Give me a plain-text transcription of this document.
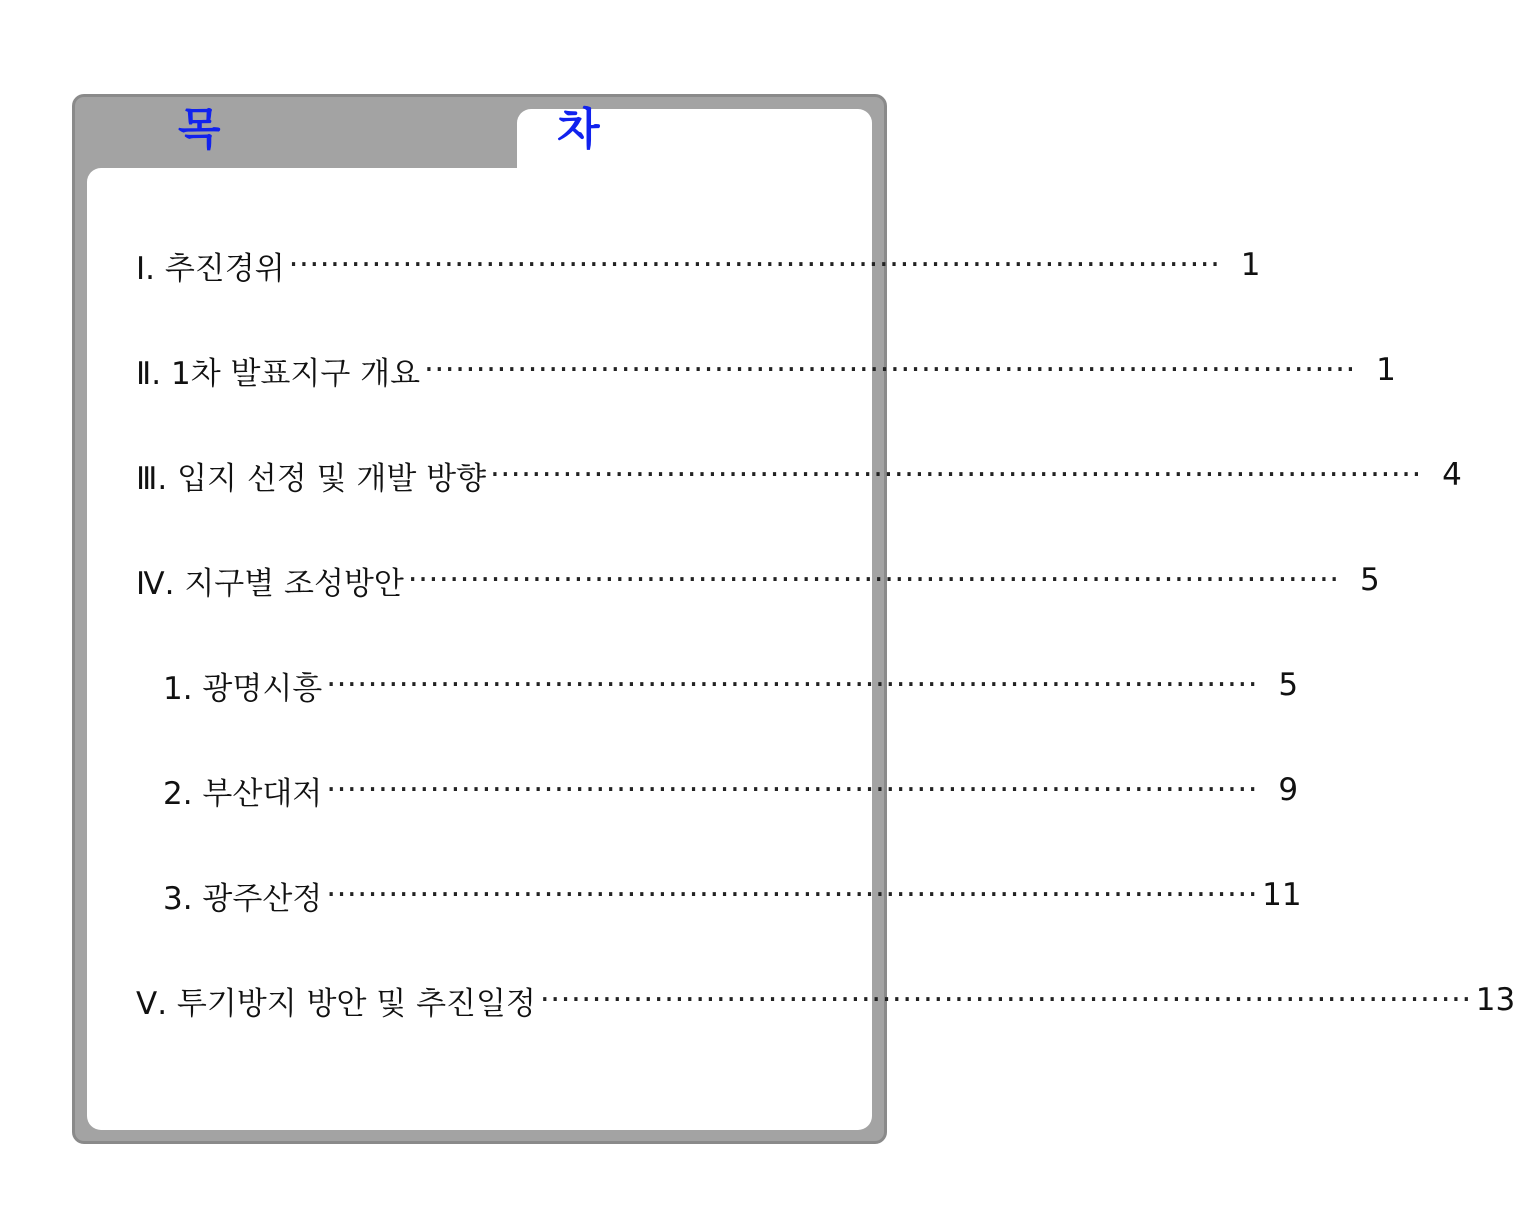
목     차
Ⅰ. 추진경위 ·························································································· 1
Ⅱ. 1차 발표지구 개요 ·························································································· 1
Ⅲ. 입지 선정 및 개발 방향 ·························································································· 4
Ⅳ. 지구별 조성방안 ·························································································· 5
1. 광명시흥 ·························································································· 5
2. 부산대저 ·························································································· 9
3. 광주산정 ·························································································· 11
Ⅴ. 투기방지 방안 및 추진일정 ·························································································· 13
